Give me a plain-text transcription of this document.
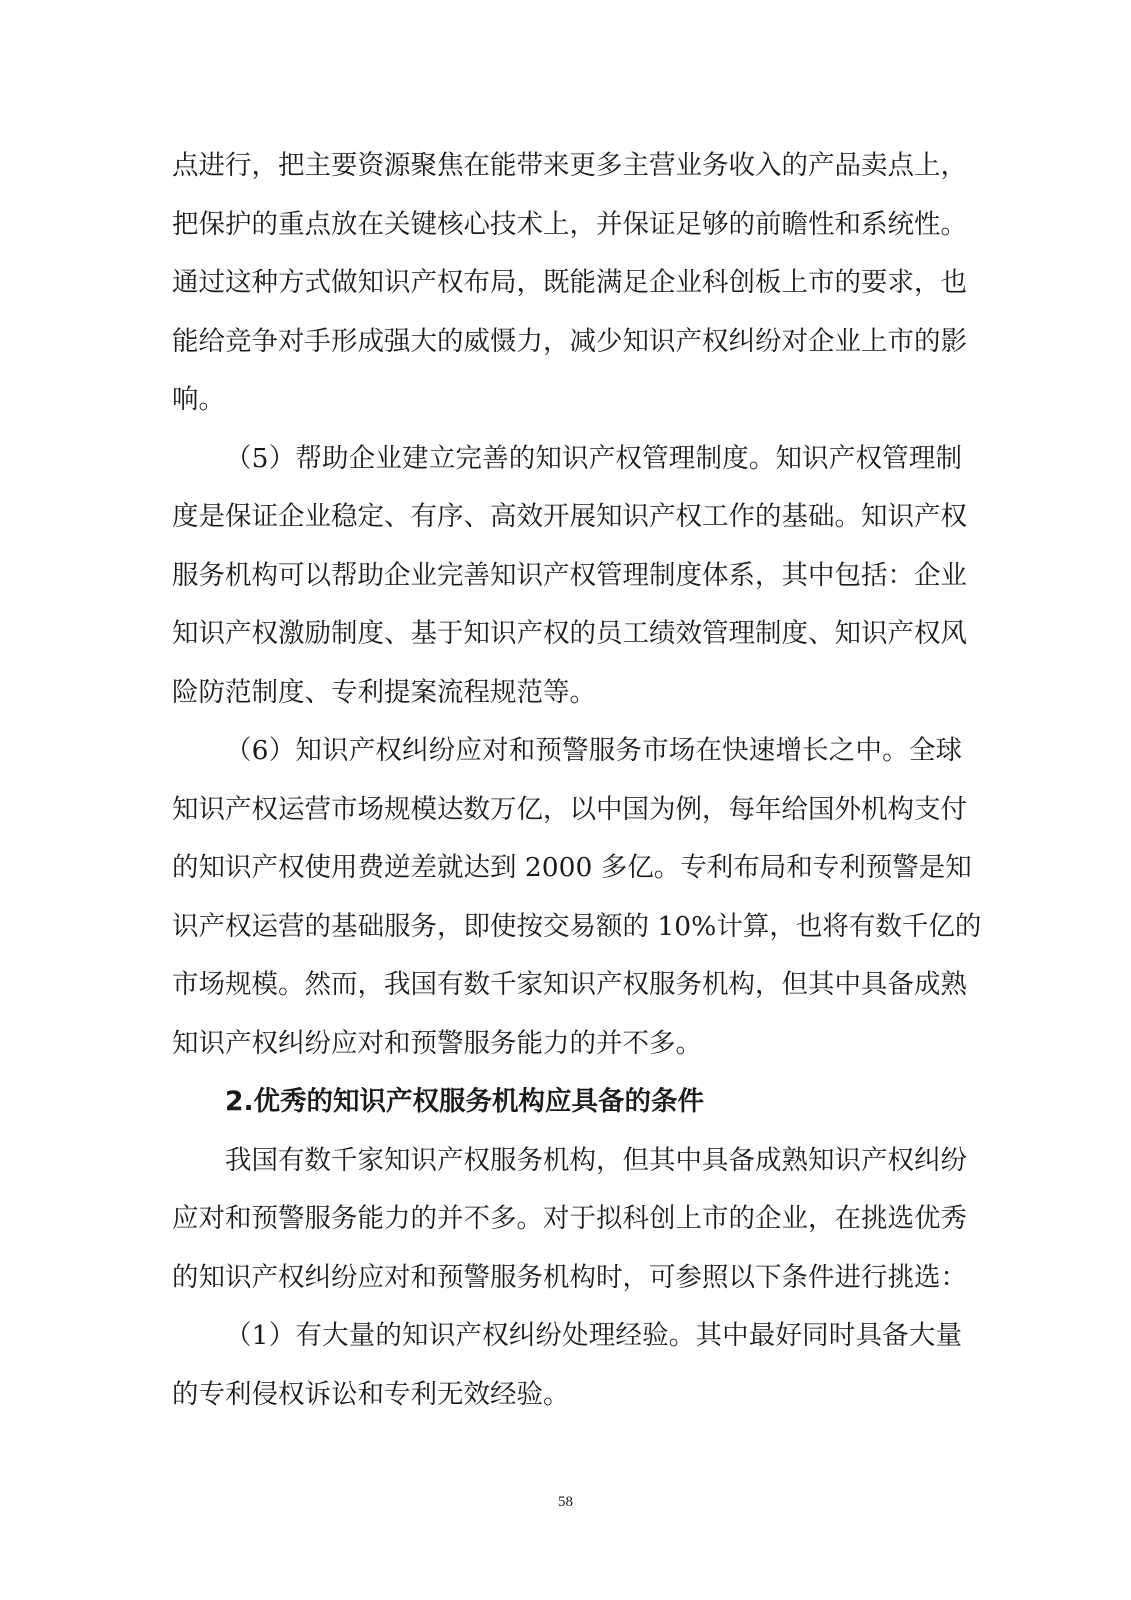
点进行，把主要资源聚焦在能带来更多主营业务收入的产品卖点上，
把保护的重点放在关键核心技术上，并保证足够的前瞻性和系统性。
通过这种方式做知识产权布局，既能满足企业科创板上市的要求，也
能给竞争对手形成强大的威慑力，减少知识产权纠纷对企业上市的影
响。
（5）帮助企业建立完善的知识产权管理制度。知识产权管理制
度是保证企业稳定、有序、高效开展知识产权工作的基础。知识产权
服务机构可以帮助企业完善知识产权管理制度体系，其中包括：企业
知识产权激励制度、基于知识产权的员工绩效管理制度、知识产权风
险防范制度、专利提案流程规范等。
（6）知识产权纠纷应对和预警服务市场在快速增长之中。全球
知识产权运营市场规模达数万亿，以中国为例，每年给国外机构支付
的知识产权使用费逆差就达到 2000 多亿。专利布局和专利预警是知
识产权运营的基础服务，即使按交易额的 10%计算，也将有数千亿的
市场规模。然而，我国有数千家知识产权服务机构，但其中具备成熟
知识产权纠纷应对和预警服务能力的并不多。
2.优秀的知识产权服务机构应具备的条件
我国有数千家知识产权服务机构，但其中具备成熟知识产权纠纷
应对和预警服务能力的并不多。对于拟科创上市的企业，在挑选优秀
的知识产权纠纷应对和预警服务机构时，可参照以下条件进行挑选：
（1）有大量的知识产权纠纷处理经验。其中最好同时具备大量
的专利侵权诉讼和专利无效经验。
58
